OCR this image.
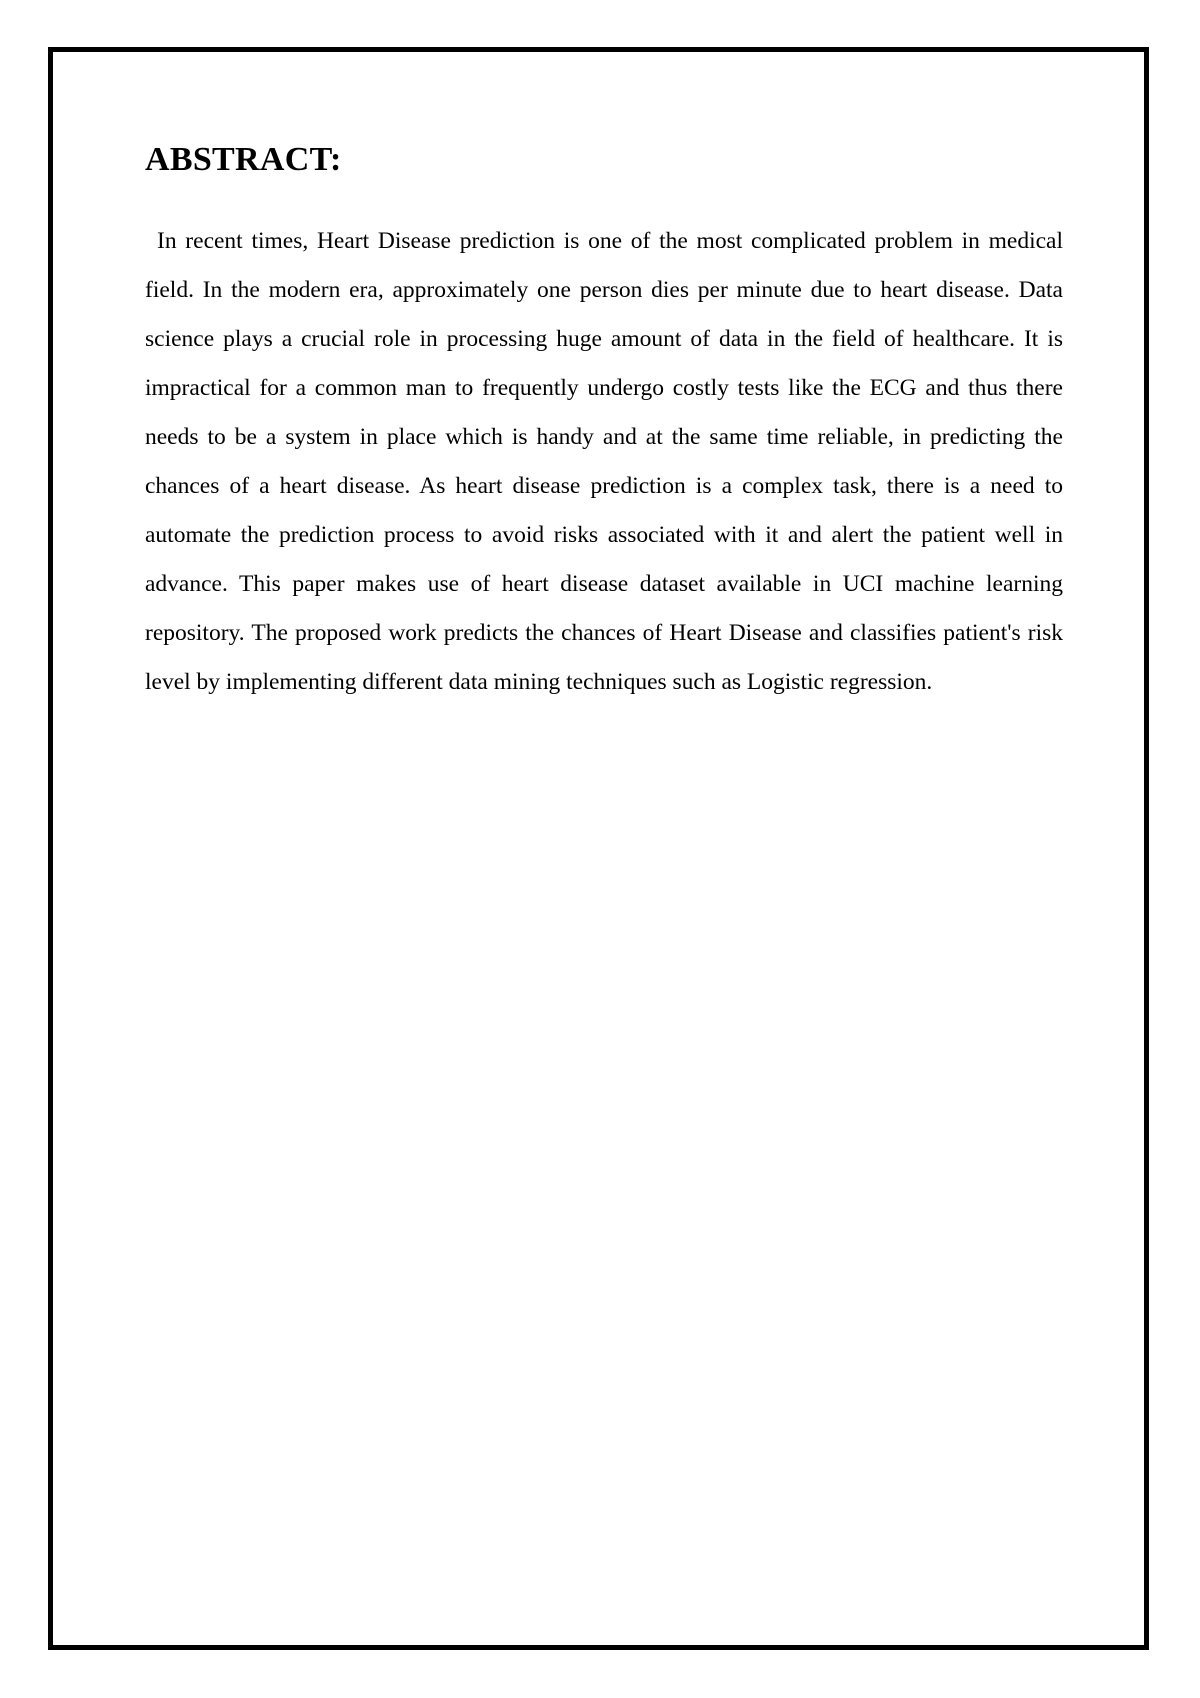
ABSTRACT:

In recent times, Heart Disease prediction is one of the most complicated problem in medical field. In the modern era, approximately one person dies per minute due to heart disease. Data science plays a crucial role in processing huge amount of data in the field of healthcare. It is impractical for a common man to frequently undergo costly tests like the ECG and thus there needs to be a system in place which is handy and at the same time reliable, in predicting the chances of a heart disease. As heart disease prediction is a complex task, there is a need to automate the prediction process to avoid risks associated with it and alert the patient well in advance. This paper makes use of heart disease dataset available in UCI machine learning repository. The proposed work predicts the chances of Heart Disease and classifies patient's risk level by implementing different data mining techniques such as Logistic regression.
